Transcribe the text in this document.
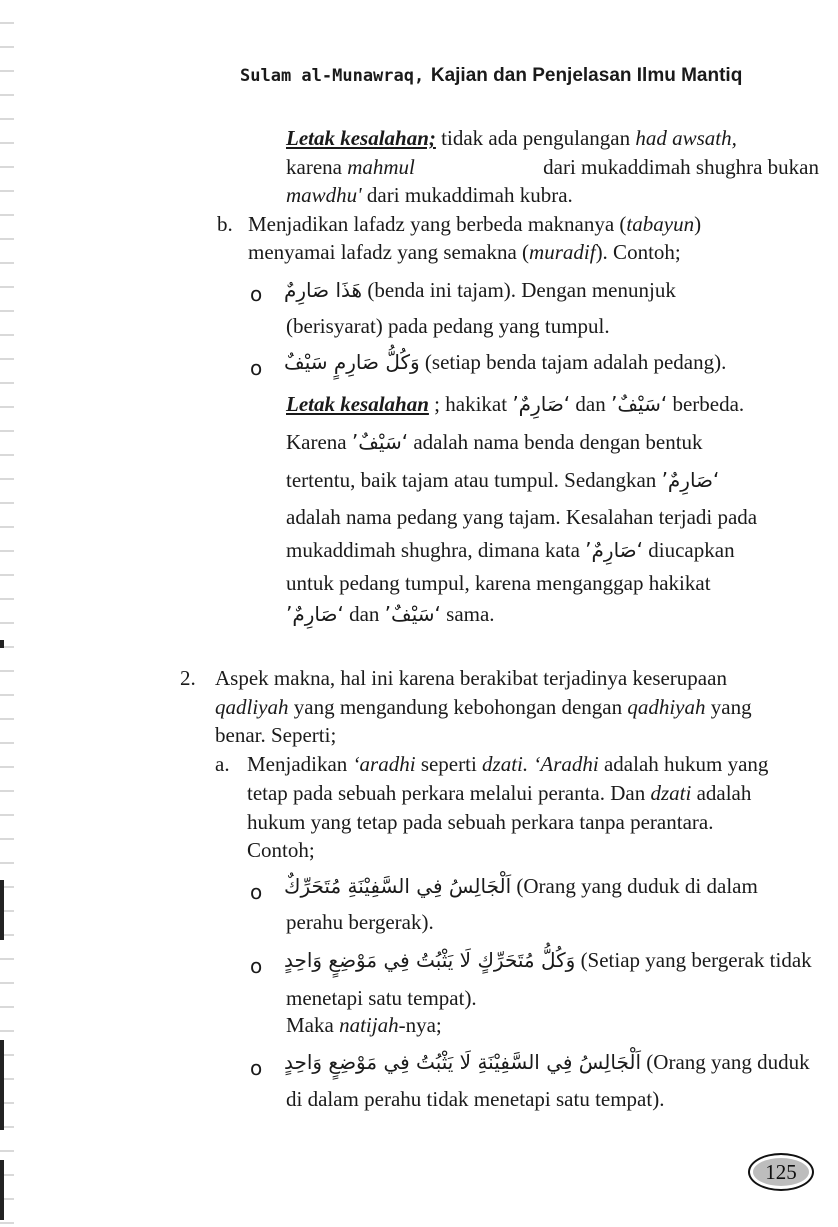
Sulam al-Munawraq, Kajian dan Penjelasan Ilmu Mantiq
Letak kesalahan; tidak ada pengulangan had awsath,
karena mahmul	dari mukaddimah shughra bukan
mawdhu' dari mukaddimah kubra.
b. Menjadikan lafadz yang berbeda maknanya (tabayun)
menyamai lafadz yang semakna (muradif). Contoh;
o هَذَا صَارِمٌ (benda ini tajam). Dengan menunjuk
(berisyarat) pada pedang yang tumpul.
o وَكُلُّ صَارِمٍ سَيْفٌ (setiap benda tajam adalah pedang).
Letak kesalahan ; hakikat ‘صَارِمٌ’ dan ‘سَيْفٌ’ berbeda.
Karena ‘سَيْفٌ’ adalah nama benda dengan bentuk
tertentu, baik tajam atau tumpul. Sedangkan ‘صَارِمٌ’
adalah nama pedang yang tajam. Kesalahan terjadi pada
mukaddimah shughra, dimana kata ‘صَارِمٌ’ diucapkan
untuk pedang tumpul, karena menganggap hakikat
‘صَارِمٌ’ dan ‘سَيْفٌ’ sama.
2. Aspek makna, hal ini karena berakibat terjadinya keserupaan
qadliyah yang mengandung kebohongan dengan qadhiyah yang
benar. Seperti;
a. Menjadikan ‘aradhi seperti dzati. ‘Aradhi adalah hukum yang
tetap pada sebuah perkara melalui peranta. Dan dzati adalah
hukum yang tetap pada sebuah perkara tanpa perantara.
Contoh;
o اَلْجَالِسُ فِي السَّفِيْنَةِ مُتَحَرِّكٌ (Orang yang duduk di dalam
perahu bergerak).
o وَكُلُّ مُتَحَرِّكٍ لَا يَثْبُتُ فِي مَوْضِعٍ وَاحِدٍ (Setiap yang bergerak tidak
menetapi satu tempat).
Maka natijah-nya;
o اَلْجَالِسُ فِي السَّفِيْنَةِ لَا يَثْبُتُ فِي مَوْضِعٍ وَاحِدٍ (Orang yang duduk
di dalam perahu tidak menetapi satu tempat).
125
